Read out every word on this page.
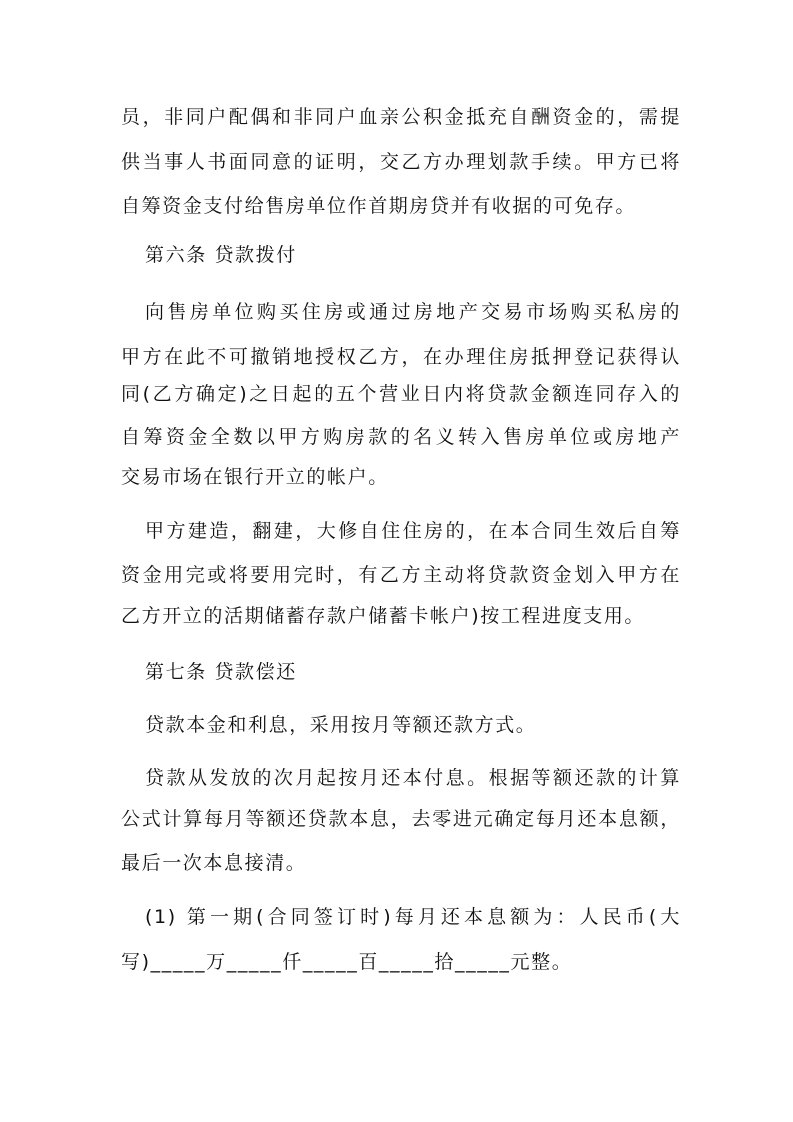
员，非同户配偶和非同户血亲公积金抵充自酬资金的，需提
供当事人书面同意的证明，交乙方办理划款手续。甲方已将
自筹资金支付给售房单位作首期房贷并有收据的可免存。
第六条 贷款拨付
向售房单位购买住房或通过房地产交易市场购买私房的
甲方在此不可撤销地授权乙方，在办理住房抵押登记获得认
同(乙方确定)之日起的五个营业日内将贷款金额连同存入的
自筹资金全数以甲方购房款的名义转入售房单位或房地产
交易市场在银行开立的帐户。
甲方建造，翻建，大修自住住房的，在本合同生效后自筹
资金用完或将要用完时，有乙方主动将贷款资金划入甲方在
乙方开立的活期储蓄存款户储蓄卡帐户)按工程进度支用。
第七条 贷款偿还
贷款本金和利息，采用按月等额还款方式。
贷款从发放的次月起按月还本付息。根据等额还款的计算
公式计算每月等额还贷款本息，去零进元确定每月还本息额，
最后一次本息接清。
(1) 第一期(合同签订时)每月还本息额为：人民币(大
写)_____万_____仟_____百_____拾_____元整。
